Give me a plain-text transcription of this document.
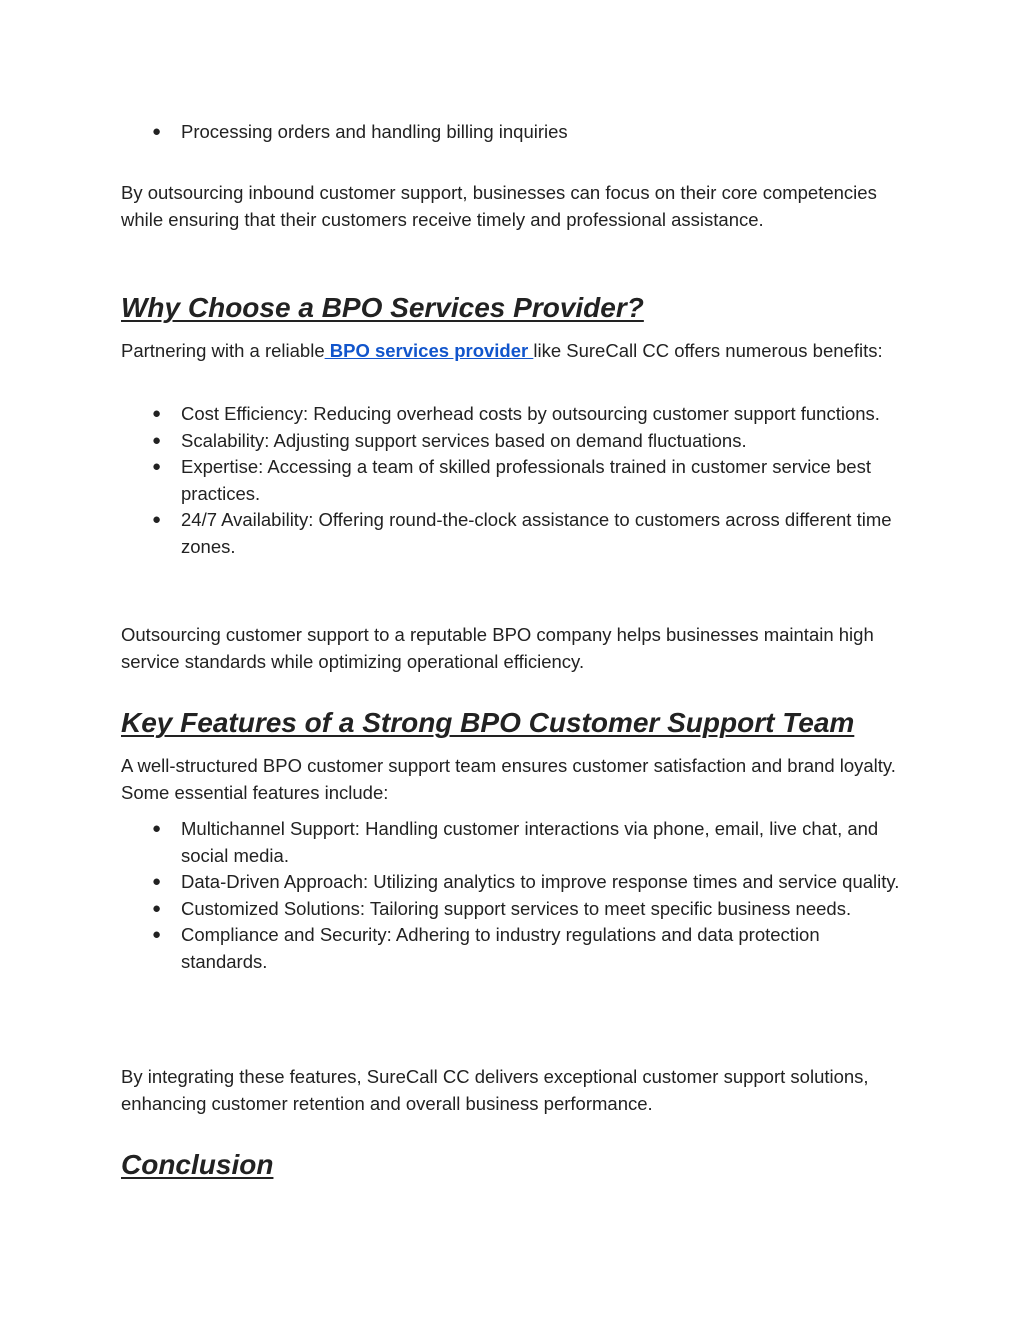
● Processing orders and handling billing inquiries

By outsourcing inbound customer support, businesses can focus on their core competencies while ensuring that their customers receive timely and professional assistance.

Why Choose a BPO Services Provider?

Partnering with a reliable BPO services provider like SureCall CC offers numerous benefits:

● Cost Efficiency: Reducing overhead costs by outsourcing customer support functions.
● Scalability: Adjusting support services based on demand fluctuations.
● Expertise: Accessing a team of skilled professionals trained in customer service best practices.
● 24/7 Availability: Offering round-the-clock assistance to customers across different time zones.

Outsourcing customer support to a reputable BPO company helps businesses maintain high service standards while optimizing operational efficiency.

Key Features of a Strong BPO Customer Support Team

A well-structured BPO customer support team ensures customer satisfaction and brand loyalty. Some essential features include:

● Multichannel Support: Handling customer interactions via phone, email, live chat, and social media.
● Data-Driven Approach: Utilizing analytics to improve response times and service quality.
● Customized Solutions: Tailoring support services to meet specific business needs.
● Compliance and Security: Adhering to industry regulations and data protection standards.

By integrating these features, SureCall CC delivers exceptional customer support solutions, enhancing customer retention and overall business performance.

Conclusion
